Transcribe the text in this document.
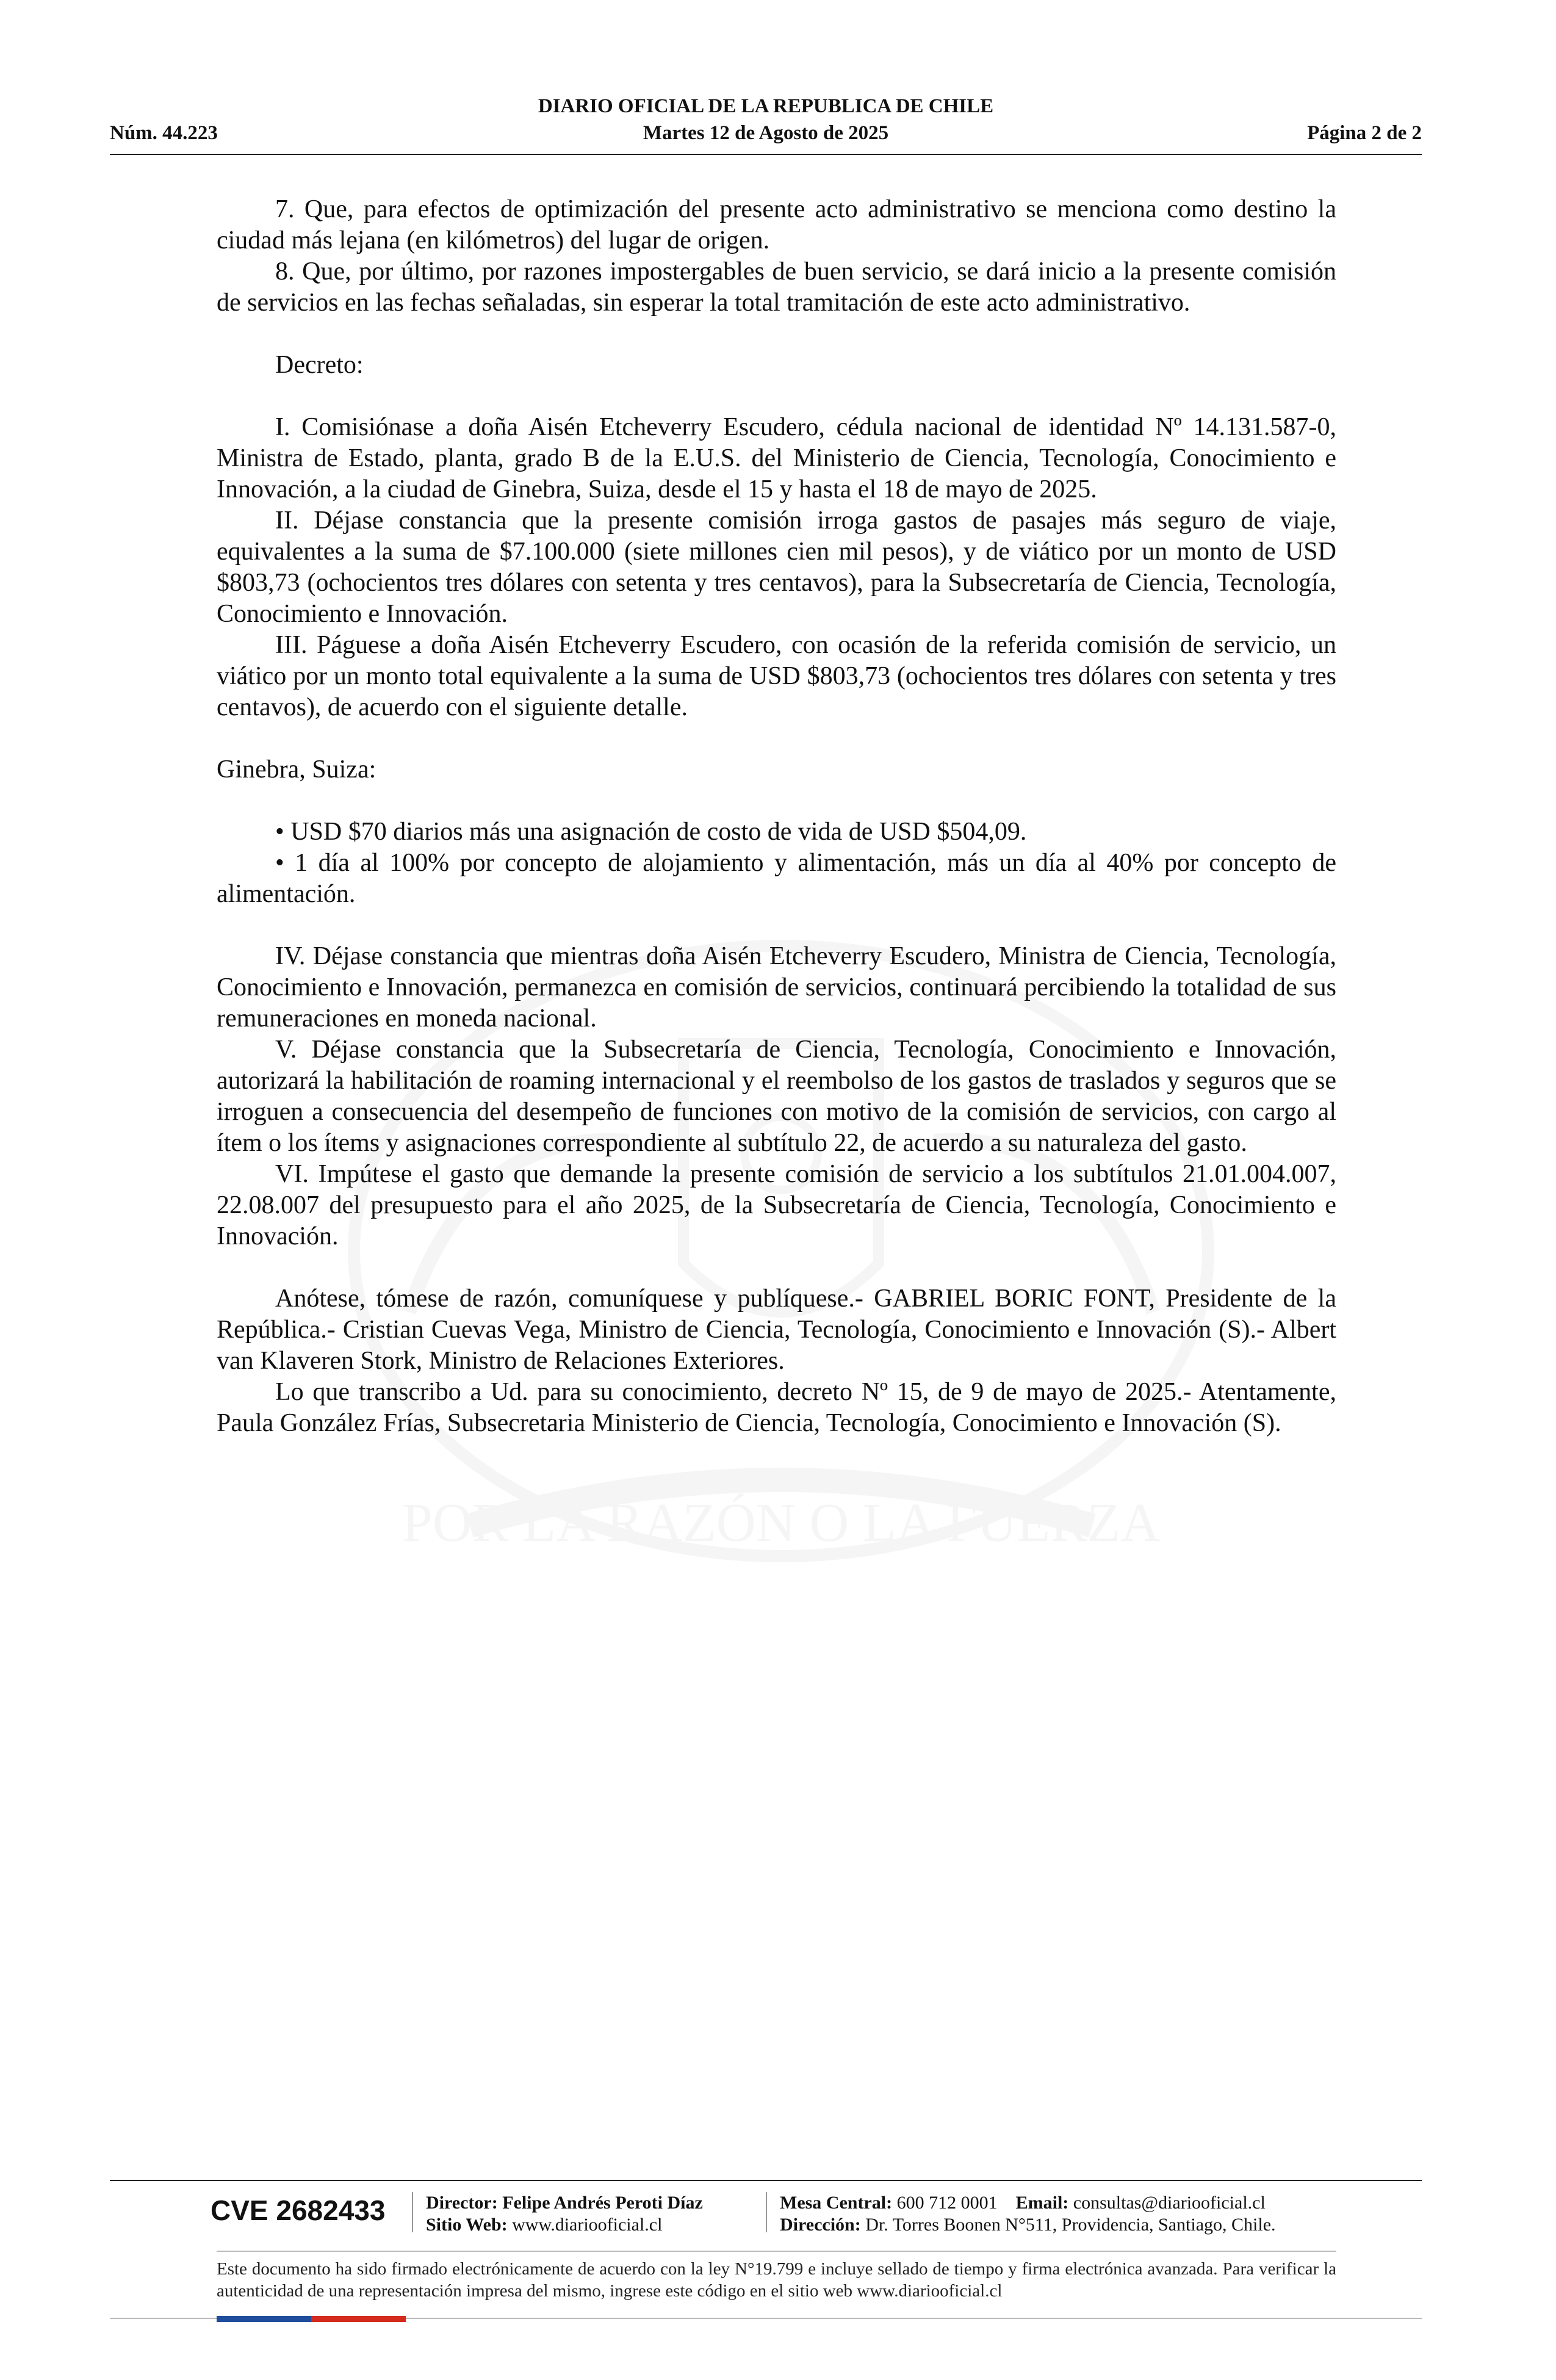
POR LA RAZÓN O LA FUERZA
DIARIO OFICIAL DE LA REPUBLICA DE CHILE
Núm. 44.223	Martes 12 de Agosto de 2025	Página 2 de 2

7. Que, para efectos de optimización del presente acto administrativo se menciona como destino la ciudad más lejana (en kilómetros) del lugar de origen.

8. Que, por último, por razones impostergables de buen servicio, se dará inicio a la presente comisión de servicios en las fechas señaladas, sin esperar la total tramitación de este acto administrativo.

Decreto:

I. Comisiónase a doña Aisén Etcheverry Escudero, cédula nacional de identidad Nº 14.131.587-0, Ministra de Estado, planta, grado B de la E.U.S. del Ministerio de Ciencia, Tecnología, Conocimiento e Innovación, a la ciudad de Ginebra, Suiza, desde el 15 y hasta el 18 de mayo de 2025.

II. Déjase constancia que la presente comisión irroga gastos de pasajes más seguro de viaje, equivalentes a la suma de $7.100.000 (siete millones cien mil pesos), y de viático por un monto de USD $803,73 (ochocientos tres dólares con setenta y tres centavos), para la Subsecretaría de Ciencia, Tecnología, Conocimiento e Innovación.

III. Páguese a doña Aisén Etcheverry Escudero, con ocasión de la referida comisión de servicio, un viático por un monto total equivalente a la suma de USD $803,73 (ochocientos tres dólares con setenta y tres centavos), de acuerdo con el siguiente detalle.

Ginebra, Suiza:

• USD $70 diarios más una asignación de costo de vida de USD $504,09.

• 1 día al 100% por concepto de alojamiento y alimentación, más un día al 40% por concepto de alimentación.

IV. Déjase constancia que mientras doña Aisén Etcheverry Escudero, Ministra de Ciencia, Tecnología, Conocimiento e Innovación, permanezca en comisión de servicios, continuará percibiendo la totalidad de sus remuneraciones en moneda nacional.

V. Déjase constancia que la Subsecretaría de Ciencia, Tecnología, Conocimiento e Innovación, autorizará la habilitación de roaming internacional y el reembolso de los gastos de traslados y seguros que se irroguen a consecuencia del desempeño de funciones con motivo de la comisión de servicios, con cargo al ítem o los ítems y asignaciones correspondiente al subtítulo 22, de acuerdo a su naturaleza del gasto.

VI. Impútese el gasto que demande la presente comisión de servicio a los subtítulos 21.01.004.007, 22.08.007 del presupuesto para el año 2025, de la Subsecretaría de Ciencia, Tecnología, Conocimiento e Innovación.

Anótese, tómese de razón, comuníquese y publíquese.- GABRIEL BORIC FONT, Presidente de la República.- Cristian Cuevas Vega, Ministro de Ciencia, Tecnología, Conocimiento e Innovación (S).- Albert van Klaveren Stork, Ministro de Relaciones Exteriores.

Lo que transcribo a Ud. para su conocimiento, decreto Nº 15, de 9 de mayo de 2025.- Atentamente, Paula González Frías, Subsecretaria Ministerio de Ciencia, Tecnología, Conocimiento e Innovación (S).

CVE 2682433 Director: Felipe Andrés Peroti Díaz
Sitio Web: www.diariooficial.cl
Mesa Central: 600 712 0001 Email: consultas@diariooficial.cl
Dirección: Dr. Torres Boonen N°511, Providencia, Santiago, Chile.
Este documento ha sido firmado electrónicamente de acuerdo con la ley N°19.799 e incluye sellado de tiempo y firma electrónica avanzada. Para verificar la autenticidad de una representación impresa del mismo, ingrese este código en el sitio web www.diariooficial.cl
